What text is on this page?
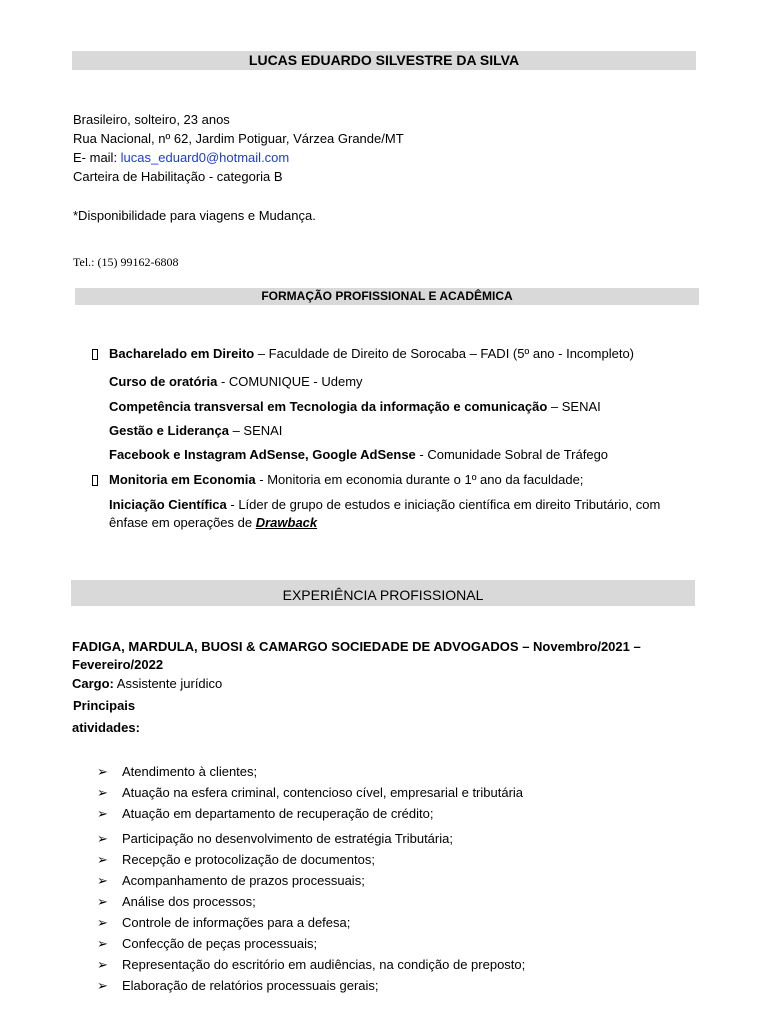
LUCAS EDUARDO SILVESTRE DA SILVA
Brasileiro, solteiro, 23 anos
Rua Nacional, nº 62, Jardim Potiguar, Várzea Grande/MT
E- mail: lucas_eduard0@hotmail.com
Carteira de Habilitação - categoria B
*Disponibilidade para viagens e Mudança.
Tel.: (15) 99162-6808
FORMAÇÃO PROFISSIONAL E ACADÊMICA
Bacharelado em Direito – Faculdade de Direito de Sorocaba – FADI (5º ano - Incompleto)
Curso de oratória - COMUNIQUE - Udemy
Competência transversal em Tecnologia da informação e comunicação – SENAI
Gestão e Liderança – SENAI
Facebook e Instagram AdSense, Google AdSense - Comunidade Sobral de Tráfego
Monitoria em Economia - Monitoria em economia durante o 1º ano da faculdade;
Iniciação Científica - Líder de grupo de estudos e iniciação científica em direito Tributário, com
ênfase em operações de Drawback
EXPERIÊNCIA PROFISSIONAL
FADIGA, MARDULA, BUOSI & CAMARGO SOCIEDADE DE ADVOGADOS – Novembro/2021 –
Fevereiro/2022
Cargo: Assistente jurídico
Principais
atividades:
➢ Atendimento à clientes;
➢ Atuação na esfera criminal, contencioso cível, empresarial e tributária
➢ Atuação em departamento de recuperação de crédito;
➢ Participação no desenvolvimento de estratégia Tributária;
➢ Recepção e protocolização de documentos;
➢ Acompanhamento de prazos processuais;
➢ Análise dos processos;
➢ Controle de informações para a defesa;
➢ Confecção de peças processuais;
➢ Representação do escritório em audiências, na condição de preposto;
➢ Elaboração de relatórios processuais gerais;
